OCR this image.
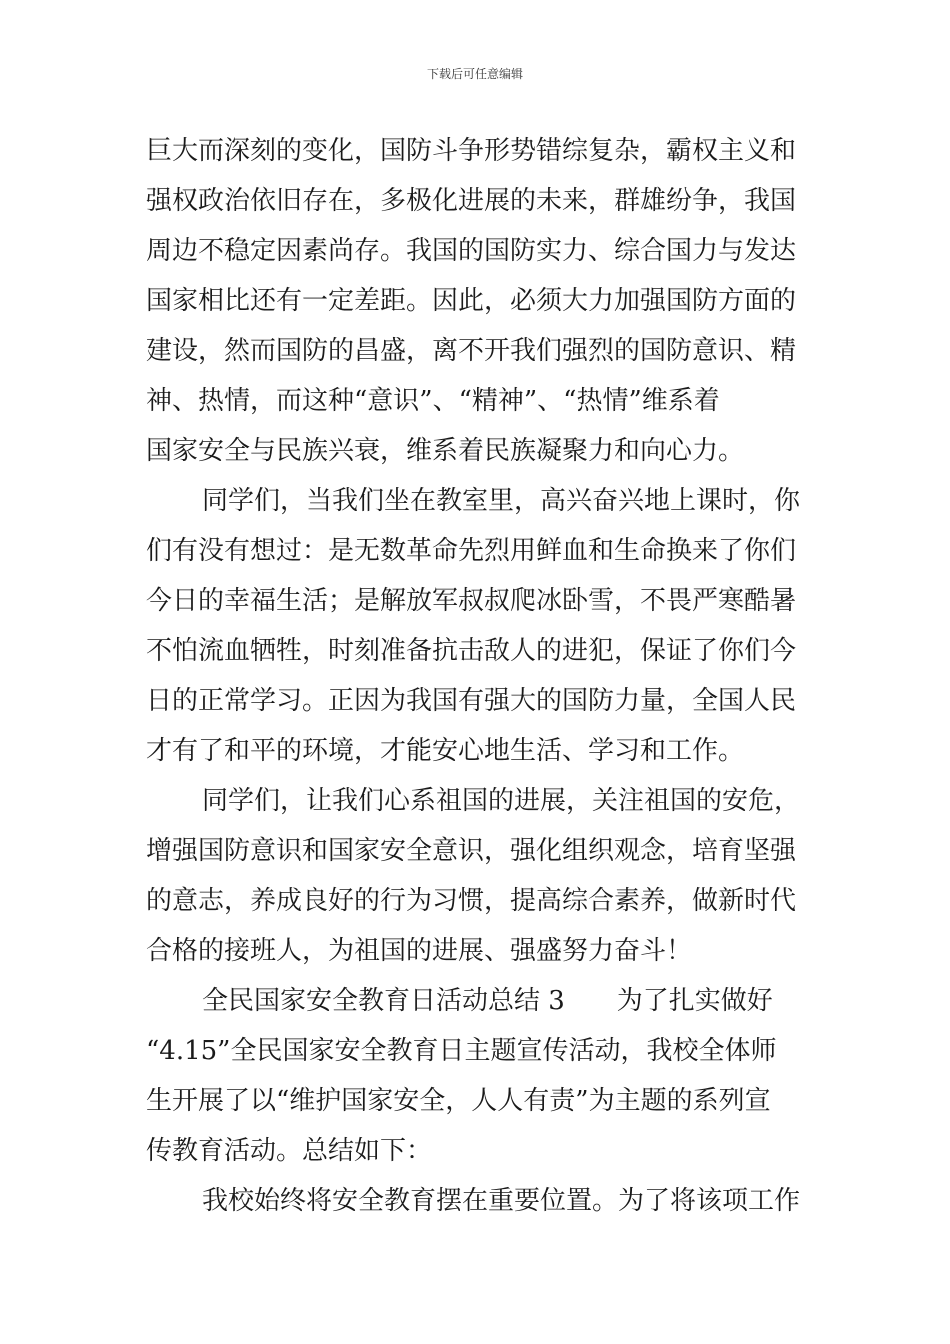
下载后可任意编辑
巨大而深刻的变化，国防斗争形势错综复杂，霸权主义和
强权政治依旧存在，多极化进展的未来，群雄纷争，我国
周边不稳定因素尚存。我国的国防实力、综合国力与发达
国家相比还有一定差距。因此，必须大力加强国防方面的
建设，然而国防的昌盛，离不开我们强烈的国防意识、精
神、热情，而这种“意识”、“精神”、“热情”维系着
国家安全与民族兴衰，维系着民族凝聚力和向心力。
同学们，当我们坐在教室里，高兴奋兴地上课时，你
们有没有想过：是无数革命先烈用鲜血和生命换来了你们
今日的幸福生活；是解放军叔叔爬冰卧雪，不畏严寒酷暑
不怕流血牺牲，时刻准备抗击敌人的进犯，保证了你们今
日的正常学习。正因为我国有强大的国防力量，全国人民
才有了和平的环境，才能安心地生活、学习和工作。
同学们，让我们心系祖国的进展，关注祖国的安危，
增强国防意识和国家安全意识，强化组织观念，培育坚强
的意志，养成良好的行为习惯，提高综合素养，做新时代
合格的接班人，为祖国的进展、强盛努力奋斗！
全民国家安全教育日活动总结 3　　为了扎实做好
“4.15”全民国家安全教育日主题宣传活动，我校全体师
生开展了以“维护国家安全，人人有责”为主题的系列宣
传教育活动。总结如下：
我校始终将安全教育摆在重要位置。为了将该项工作
